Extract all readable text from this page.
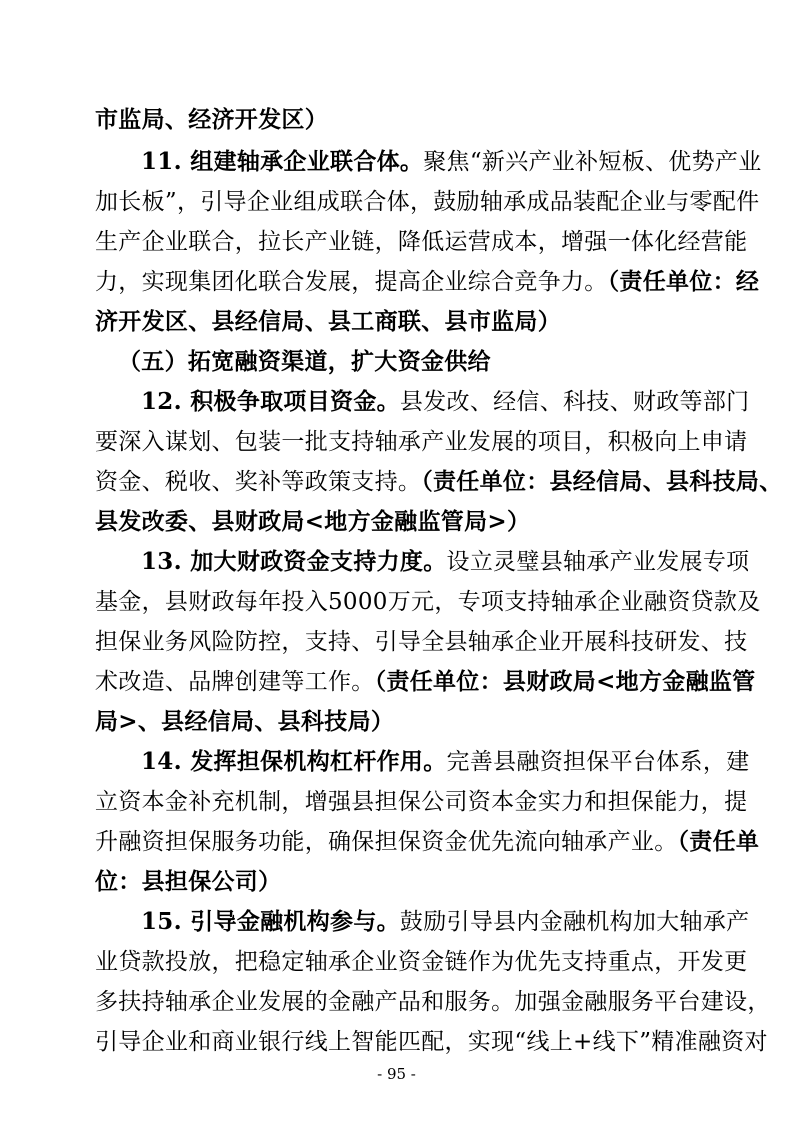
市监局、经济开发区）
11. 组建轴承企业联合体。聚焦“新兴产业补短板、优势产业
加长板”，引导企业组成联合体，鼓励轴承成品装配企业与零配件
生产企业联合，拉长产业链，降低运营成本，增强一体化经营能
力，实现集团化联合发展，提高企业综合竞争力。（责任单位：经
济开发区、县经信局、县工商联、县市监局）
（五）拓宽融资渠道，扩大资金供给
12. 积极争取项目资金。县发改、经信、科技、财政等部门
要深入谋划、包装一批支持轴承产业发展的项目，积极向上申请
资金、税收、奖补等政策支持。（责任单位：县经信局、县科技局、
县发改委、县财政局<地方金融监管局>）
13. 加大财政资金支持力度。设立灵璧县轴承产业发展专项
基金，县财政每年投入5000万元，专项支持轴承企业融资贷款及
担保业务风险防控，支持、引导全县轴承企业开展科技研发、技
术改造、品牌创建等工作。（责任单位：县财政局<地方金融监管
局>、县经信局、县科技局）
14. 发挥担保机构杠杆作用。完善县融资担保平台体系，建
立资本金补充机制，增强县担保公司资本金实力和担保能力，提
升融资担保服务功能，确保担保资金优先流向轴承产业。（责任单
位：县担保公司）
15. 引导金融机构参与。鼓励引导县内金融机构加大轴承产
业贷款投放，把稳定轴承企业资金链作为优先支持重点，开发更
多扶持轴承企业发展的金融产品和服务。加强金融服务平台建设，
引导企业和商业银行线上智能匹配，实现“线上+线下”精准融资对
- 95 -
